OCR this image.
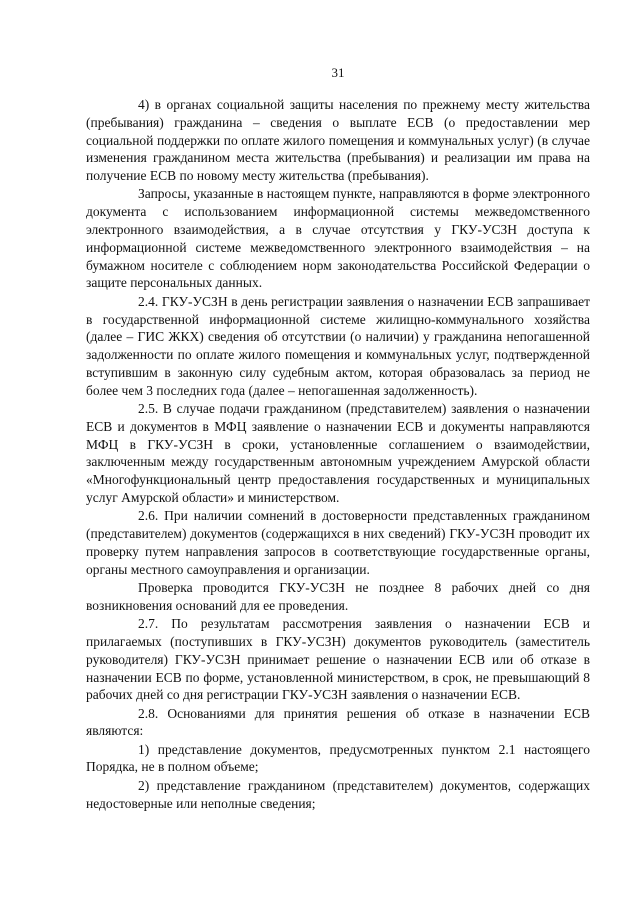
31

4) в органах социальной защиты населения по прежнему месту жительства (пребывания) гражданина – сведения о выплате ЕСВ (о предоставлении мер социальной поддержки по оплате жилого помещения и коммунальных услуг) (в случае изменения гражданином места жительства (пребывания) и реализации им права на получение ЕСВ по новому месту жительства (пребывания).

Запросы, указанные в настоящем пункте, направляются в форме электронного документа с использованием информационной системы межведомственного электронного взаимодействия, а в случае отсутствия у ГКУ-УСЗН доступа к информационной системе межведомственного электронного взаимодействия – на бумажном носителе с соблюдением норм законодательства Российской Федерации о защите персональных данных.

2.4. ГКУ-УСЗН в день регистрации заявления о назначении ЕСВ запрашивает в государственной информационной системе жилищно-коммунального хозяйства (далее – ГИС ЖКХ) сведения об отсутствии (о наличии) у гражданина непогашенной задолженности по оплате жилого помещения и коммунальных услуг, подтвержденной вступившим в законную силу судебным актом, которая образовалась за период не более чем 3 последних года (далее – непогашенная задолженность).

2.5. В случае подачи гражданином (представителем) заявления о назначении ЕСВ и документов в МФЦ заявление о назначении ЕСВ и документы направляются МФЦ в ГКУ-УСЗН в сроки, установленные соглашением о взаимодействии, заключенным между государственным автономным учреждением Амурской области «Многофункциональный центр предоставления государственных и муниципальных услуг Амурской области» и министерством.

2.6. При наличии сомнений в достоверности представленных гражданином (представителем) документов (содержащихся в них сведений) ГКУ-УСЗН проводит их проверку путем направления запросов в соответствующие государственные органы, органы местного самоуправления и организации.

Проверка проводится ГКУ-УСЗН не позднее 8 рабочих дней со дня возникновения оснований для ее проведения.

2.7. По результатам рассмотрения заявления о назначении ЕСВ и прилагаемых (поступивших в ГКУ-УСЗН) документов руководитель (заместитель руководителя) ГКУ-УСЗН принимает решение о назначении ЕСВ или об отказе в назначении ЕСВ по форме, установленной министерством, в срок, не превышающий 8 рабочих дней со дня регистрации ГКУ-УСЗН заявления о назначении ЕСВ.

2.8. Основаниями для принятия решения об отказе в назначении ЕСВ являются:

1) представление документов, предусмотренных пунктом 2.1 настоящего Порядка, не в полном объеме;

2) представление гражданином (представителем) документов, содержащих недостоверные или неполные сведения;
